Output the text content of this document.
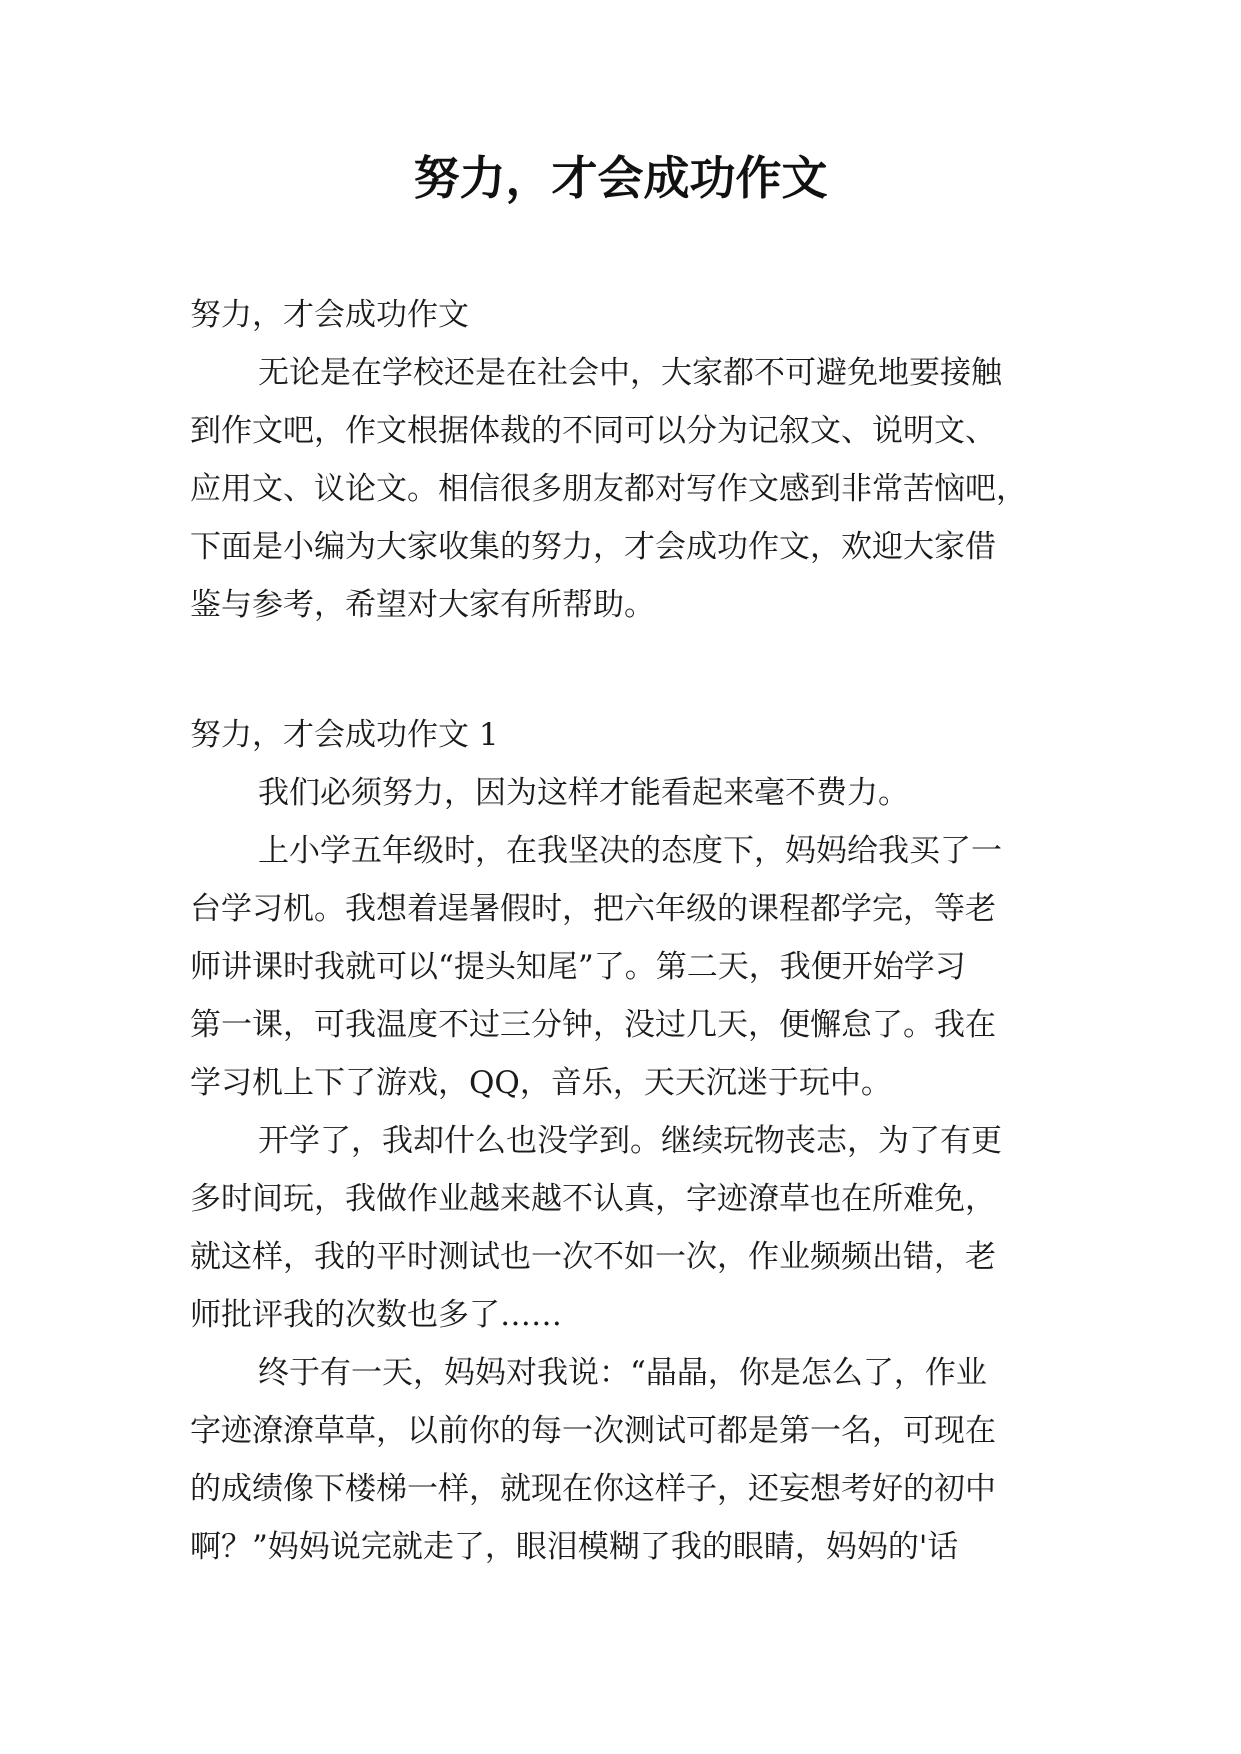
努力，才会成功作文
努力，才会成功作文
无论是在学校还是在社会中，大家都不可避免地要接触
到作文吧，作文根据体裁的不同可以分为记叙文、说明文、
应用文、议论文。相信很多朋友都对写作文感到非常苦恼吧，
下面是小编为大家收集的努力，才会成功作文，欢迎大家借
鉴与参考，希望对大家有所帮助。
努力，才会成功作文 1
我们必须努力，因为这样才能看起来毫不费力。
上小学五年级时，在我坚决的态度下，妈妈给我买了一
台学习机。我想着逞暑假时，把六年级的课程都学完，等老
师讲课时我就可以“提头知尾”了。第二天，我便开始学习
第一课，可我温度不过三分钟，没过几天，便懈怠了。我在
学习机上下了游戏，QQ，音乐，天天沉迷于玩中。
开学了，我却什么也没学到。继续玩物丧志，为了有更
多时间玩，我做作业越来越不认真，字迹潦草也在所难免，
就这样，我的平时测试也一次不如一次，作业频频出错，老
师批评我的次数也多了……
终于有一天，妈妈对我说：“晶晶，你是怎么了，作业
字迹潦潦草草，以前你的每一次测试可都是第一名，可现在
的成绩像下楼梯一样，就现在你这样子，还妄想考好的初中
啊？”妈妈说完就走了，眼泪模糊了我的眼睛，妈妈的'话
